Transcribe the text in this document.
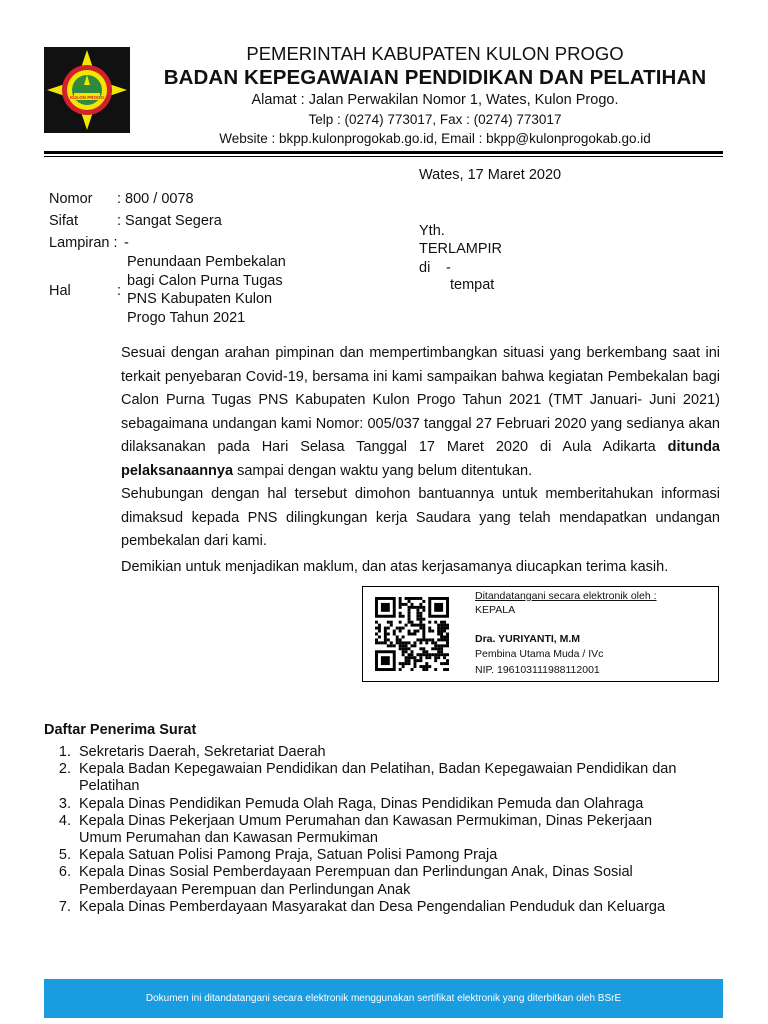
KULON PROGO
PEMERINTAH KABUPATEN KULON PROGO
BADAN KEPEGAWAIAN PENDIDIKAN DAN PELATIHAN
Alamat : Jalan Perwakilan Nomor 1, Wates, Kulon Progo.
Telp : (0274) 773017, Fax : (0274) 773017
Website : bkpp.kulonprogokab.go.id, Email : bkpp@kulonprogokab.go.id
Wates, 17 Maret 2020
Nomor : 800 / 0078
Sifat	: Sangat Segera
Lampiran : -
Hal	:
Penundaan Pembekalan
bagi Calon Purna Tugas
PNS Kabupaten Kulon
Progo Tahun 2021
Yth.
TERLAMPIR
di -
tempat
Sesuai dengan arahan pimpinan dan mempertimbangkan situasi yang berkembang saat ini terkait penyebaran Covid-19, bersama ini kami sampaikan bahwa kegiatan Pembekalan bagi Calon Purna Tugas PNS Kabupaten Kulon Progo Tahun 2021 (TMT Januari- Juni 2021) sebagaimana undangan kami Nomor: 005/037 tanggal 27 Februari 2020 yang sedianya akan dilaksanakan pada Hari Selasa Tanggal 17 Maret 2020 di Aula Adikarta ditunda pelaksanaannya sampai dengan waktu yang belum ditentukan.
Sehubungan dengan hal tersebut dimohon bantuannya untuk memberitahukan informasi dimaksud kepada PNS dilingkungan kerja Saudara yang telah mendapatkan undangan pembekalan dari kami.
Demikian untuk menjadikan maklum, dan atas kerjasamanya diucapkan terima kasih.
Ditandatangani secara elektronik oleh :
KEPALA
Dra. YURIYANTI, M.M
Pembina Utama Muda / IVc
NIP. 196103111988112001
Daftar Penerima Surat
1. Sekretaris Daerah, Sekretariat Daerah
2. Kepala Badan Kepegawaian Pendidikan dan Pelatihan, Badan Kepegawaian Pendidikan dan
Pelatihan
3. Kepala Dinas Pendidikan Pemuda Olah Raga, Dinas Pendidikan Pemuda dan Olahraga
4. Kepala Dinas Pekerjaan Umum Perumahan dan Kawasan Permukiman, Dinas Pekerjaan
Umum Perumahan dan Kawasan Permukiman
5. Kepala Satuan Polisi Pamong Praja, Satuan Polisi Pamong Praja
6. Kepala Dinas Sosial Pemberdayaan Perempuan dan Perlindungan Anak, Dinas Sosial
Pemberdayaan Perempuan dan Perlindungan Anak
7. Kepala Dinas Pemberdayaan Masyarakat dan Desa Pengendalian Penduduk dan Keluarga
Dokumen ini ditandatangani secara elektronik menggunakan sertifikat elektronik yang diterbitkan oleh BSrE
